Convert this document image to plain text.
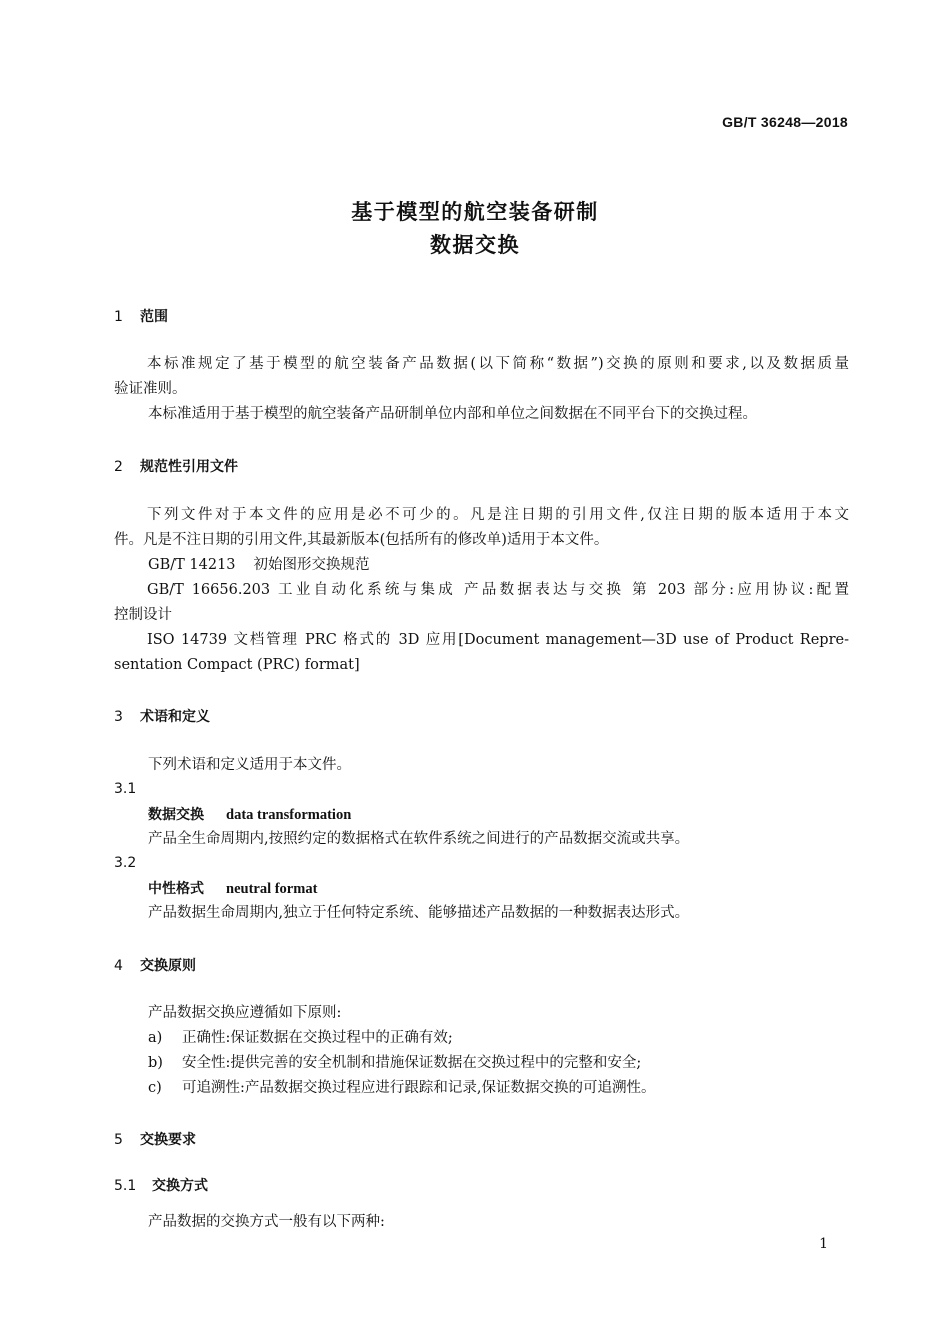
GB/T 36248—2018
基于模型的航空装备研制
数据交换
1 范围
本标准规定了基于模型的航空装备产品数据(以下简称“数据”)交换的原则和要求,以及数据质量
验证准则。
本标准适用于基于模型的航空装备产品研制单位内部和单位之间数据在不同平台下的交换过程。
2 规范性引用文件
下列文件对于本文件的应用是必不可少的。凡是注日期的引用文件,仅注日期的版本适用于本文
件。凡是不注日期的引用文件,其最新版本(包括所有的修改单)适用于本文件。
GB/T 14213 初始图形交换规范
GB/T 16656.203 工业自动化系统与集成 产品数据表达与交换 第 203 部分:应用协议:配置
控制设计
ISO 14739 文档管理 PRC 格式的 3D 应用[Document management—3D use of Product Repre-
sentation Compact (PRC) format]
3 术语和定义
下列术语和定义适用于本文件。
3.1
数据交换 data transformation
产品全生命周期内,按照约定的数据格式在软件系统之间进行的产品数据交流或共享。
3.2
中性格式 neutral format
产品数据生命周期内,独立于任何特定系统、能够描述产品数据的一种数据表达形式。
4 交换原则
产品数据交换应遵循如下原则:
a) 正确性:保证数据在交换过程中的正确有效;
b) 安全性:提供完善的安全机制和措施保证数据在交换过程中的完整和安全;
c) 可追溯性:产品数据交换过程应进行跟踪和记录,保证数据交换的可追溯性。
5 交换要求
5.1 交换方式
产品数据的交换方式一般有以下两种:
1
